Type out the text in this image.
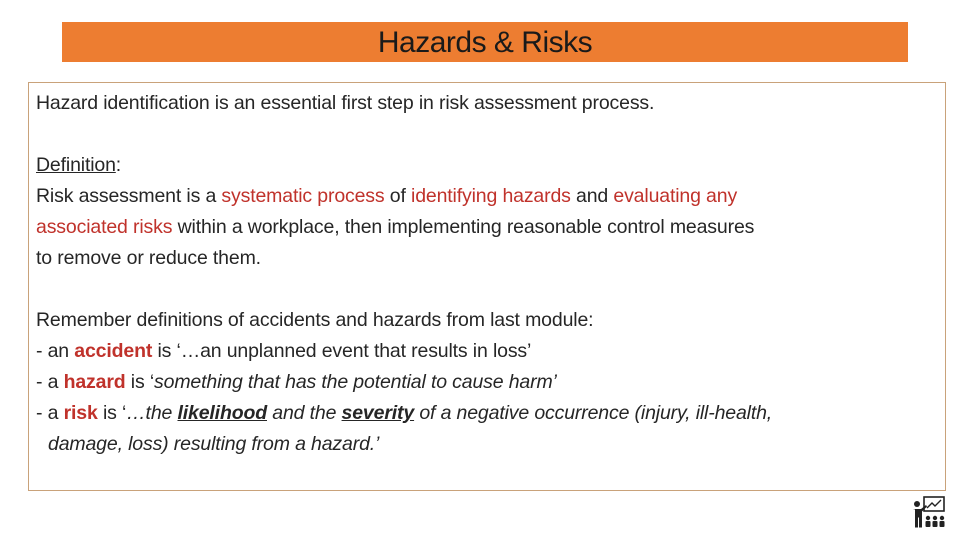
Hazards & Risks
Hazard identification is an essential first step in risk assessment process.
Definition:
Risk assessment is a systematic process of identifying hazards and evaluating any
associated risks within a workplace, then implementing reasonable control measures
to remove or reduce them.
Remember definitions of accidents and hazards from last module:
- an accident is ‘…an unplanned event that results in loss’
- a hazard is ‘something that has the potential to cause harm’
- a risk is ‘…the likelihood and the severity of a negative occurrence (injury, ill-health,
damage, loss) resulting from a hazard.’
